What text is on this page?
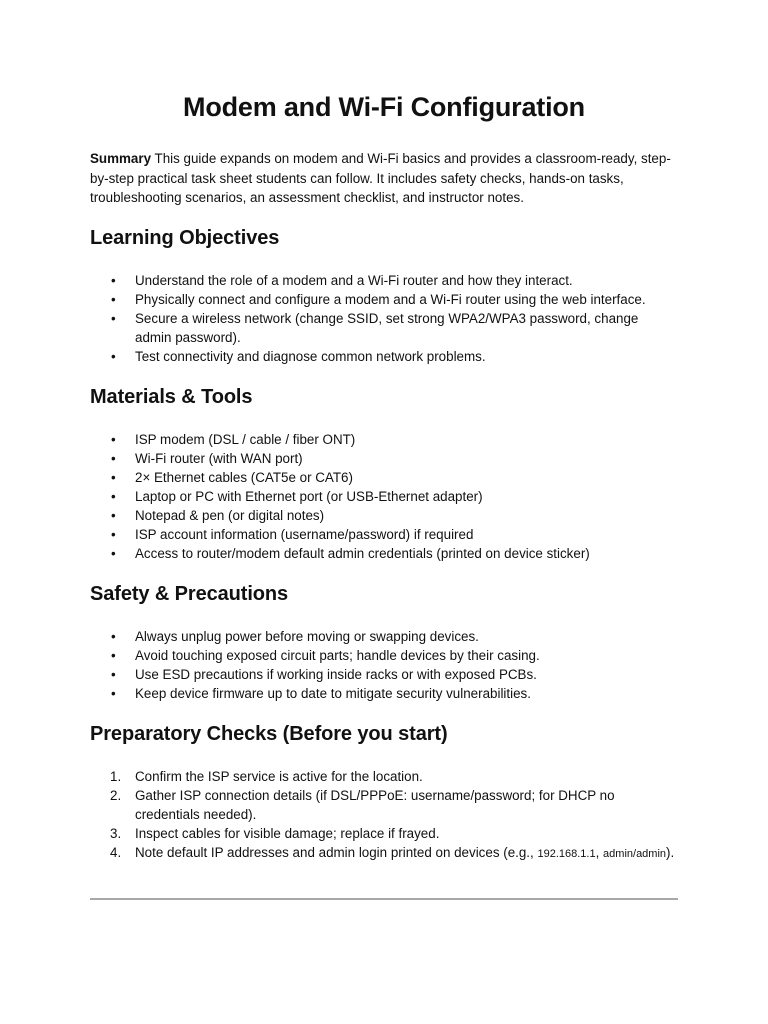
Modem and Wi-Fi Configuration

Summary This guide expands on modem and Wi-Fi basics and provides a classroom-ready, step-by-step practical task sheet students can follow. It includes safety checks, hands-on tasks, troubleshooting scenarios, an assessment checklist, and instructor notes.

Learning Objectives
• Understand the role of a modem and a Wi-Fi router and how they interact.
• Physically connect and configure a modem and a Wi-Fi router using the web interface.
• Secure a wireless network (change SSID, set strong WPA2/WPA3 password, change admin password).
• Test connectivity and diagnose common network problems.
Materials & Tools
• ISP modem (DSL / cable / fiber ONT)
• Wi-Fi router (with WAN port)
• 2× Ethernet cables (CAT5e or CAT6)
• Laptop or PC with Ethernet port (or USB-Ethernet adapter)
• Notepad & pen (or digital notes)
• ISP account information (username/password) if required
• Access to router/modem default admin credentials (printed on device sticker)
Safety & Precautions
• Always unplug power before moving or swapping devices.
• Avoid touching exposed circuit parts; handle devices by their casing.
• Use ESD precautions if working inside racks or with exposed PCBs.
• Keep device firmware up to date to mitigate security vulnerabilities.
Preparatory Checks (Before you start)
1. Confirm the ISP service is active for the location.
2. Gather ISP connection details (if DSL/PPPoE: username/password; for DHCP no credentials needed).
3. Inspect cables for visible damage; replace if frayed.
4. Note default IP addresses and admin login printed on devices (e.g., 192.168.1.1, admin/admin).
